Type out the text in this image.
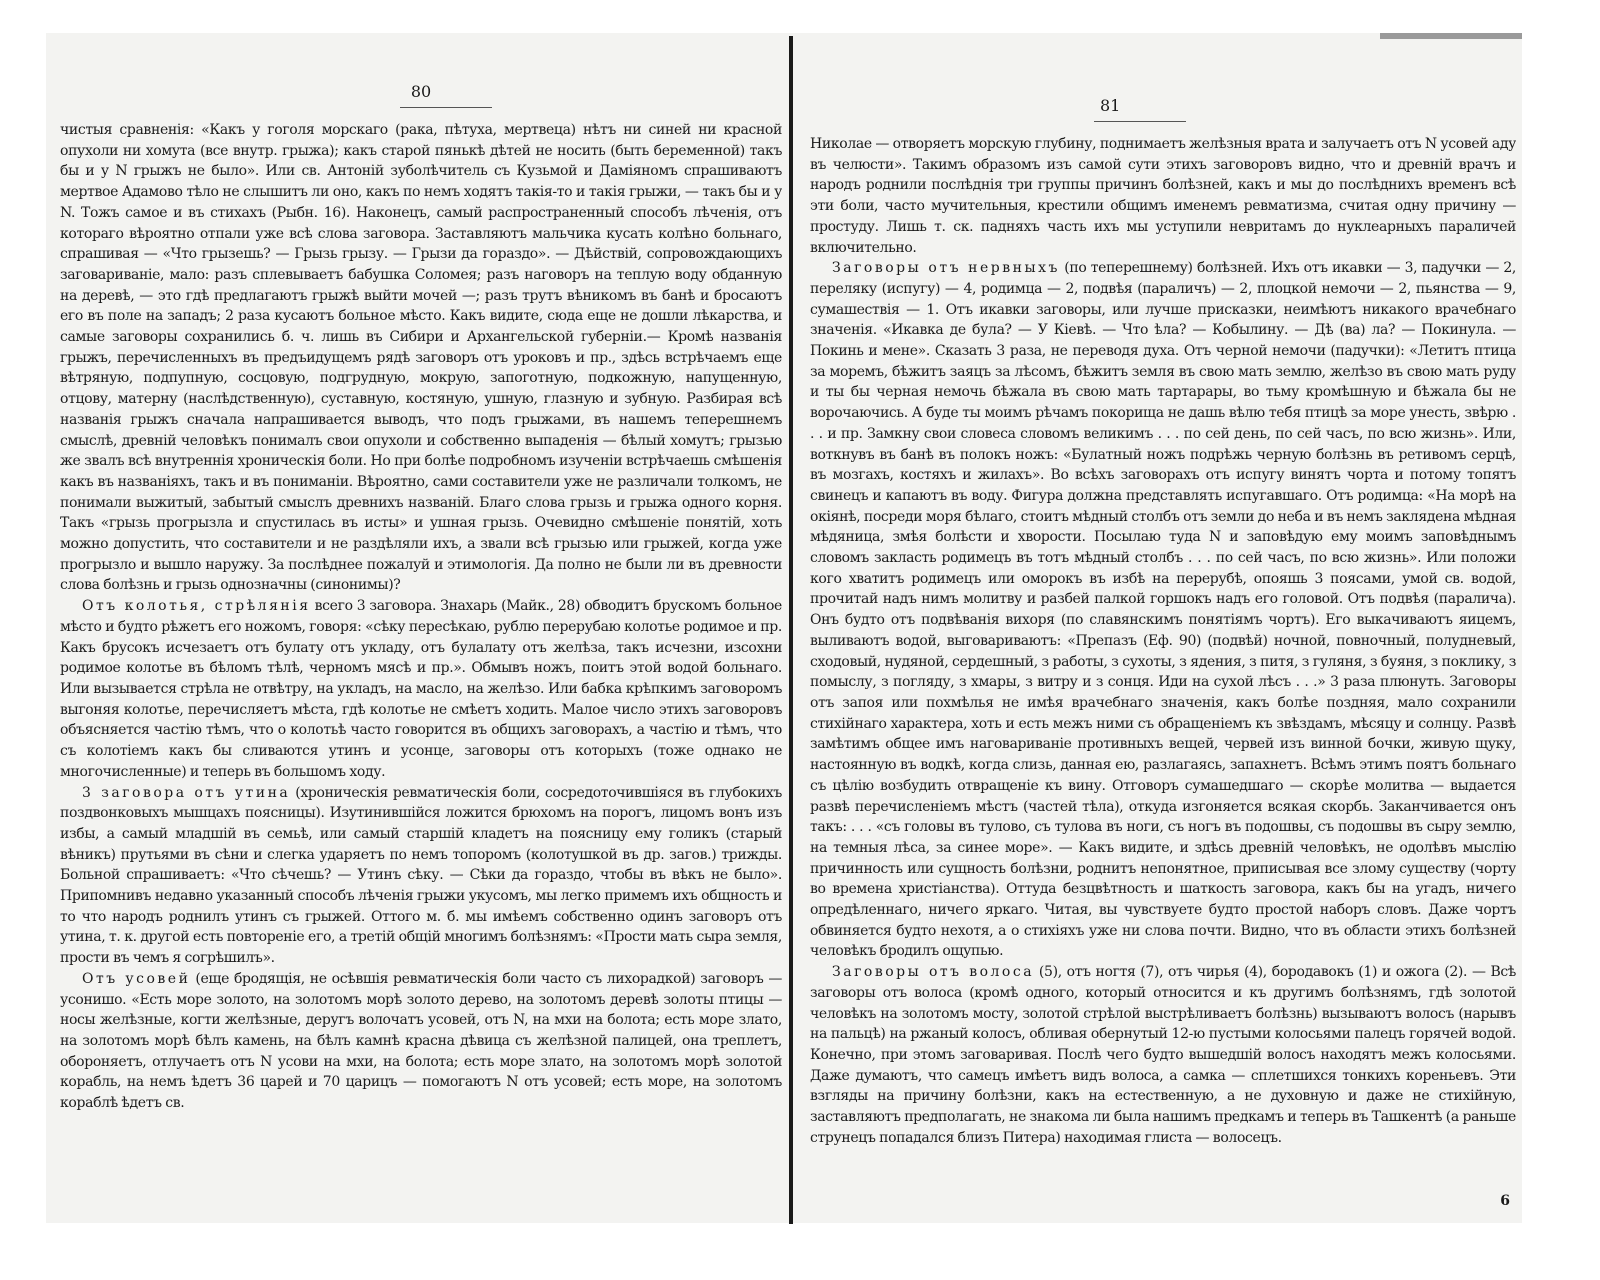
80

чистыя сравненія: «Какъ у гоголя морскаго (рака, пѣтуха, мертвеца) нѣтъ ни синей ни красной опухоли ни хомута (все внутр. грыжа); какъ старой пянькѣ дѣтей не носить (быть беременной) такъ бы и у N грыжъ не было». Или св. Антоній зуболѣчитель съ Кузьмой и Даміяномъ спрашиваютъ мертвое Адамово тѣло не слышитъ ли оно, какъ по немъ ходятъ такія-то и такія грыжи, — такъ бы и у N. Тожъ самое и въ стихахъ (Рыбн. 16). Наконецъ, самый распространенный способъ лѣченія, отъ котораго вѣроятно отпали уже всѣ слова заговора. Заставляютъ мальчика кусать колѣно больнаго, спрашивая — «Что грызешь? — Грызь грызу. — Грызи да гораздо». — Дѣйствій, сопровождающихъ заговариваніе, мало: разъ сплевываетъ бабушка Соломея; разъ наговоръ на теплую воду обданную на деревѣ, — это гдѣ предлагаютъ грыжѣ выйти мочей —; разъ трутъ вѣникомъ въ банѣ и бросаютъ его въ поле на западъ; 2 раза кусаютъ больное мѣсто. Какъ видите, сюда еще не дошли лѣкарства, и самые заговоры сохранились б. ч. лишь въ Сибири и Архангельской губерніи.— Кромѣ названія грыжъ, перечисленныхъ въ предъидущемъ рядѣ заговоръ отъ уроковъ и пр., здѣсь встрѣчаемъ еще вѣтряную, подпупную, сосцовую, подгрудную, мокрую, запоготную, подкожную, напущенную, отцову, матерну (наслѣдственную), суставную, костяную, ушную, глазную и зубную. Разбирая всѣ названія грыжъ сначала напрашивается выводъ, что подъ грыжами, въ нашемъ теперешнемъ смыслѣ, древній человѣкъ понималъ свои опухоли и собственно выпаденія — бѣлый хомутъ; грызью же звалъ всѣ внутреннія хроническія боли. Но при болѣе подробномъ изученіи встрѣчаешь смѣшенія какъ въ названіяхъ, такъ и въ пониманіи. Вѣроятно, сами составители уже не различали толкомъ, не понимали выжитый, забытый смыслъ древнихъ названій. Благо слова грызь и грыжа одного корня. Такъ «грызь прогрызла и спустилась въ исты» и ушная грызь. Очевидно смѣшеніе понятій, хоть можно допустить, что составители и не раздѣляли ихъ, а звали всѣ грызью или грыжей, когда уже прогрызло и вышло наружу. За послѣднее пожалуй и этимологія. Да полно не были ли въ древности слова болѣзнь и грызь однозначны (синонимы)?

Отъ колотья, стрѣлянія всего 3 заговора. Знахарь (Майк., 28) обводитъ брускомъ больное мѣсто и будто рѣжетъ его ножомъ, говоря: «сѣку пересѣкаю, рублю перерубаю колотье родимое и пр. Какъ брусокъ исчезаетъ отъ булату отъ укладу, отъ булалату отъ желѣза, такъ исчезни, изсохни родимое колотье въ бѣломъ тѣлѣ, черномъ мясѣ и пр.». Обмывъ ножъ, поитъ этой водой больнаго. Или вызывается стрѣла не отвѣтру, на укладъ, на масло, на желѣзо. Или бабка крѣпкимъ заговоромъ выгоняя колотье, перечисляетъ мѣста, гдѣ колотье не смѣетъ ходить. Малое число этихъ заговоровъ объясняется частію тѣмъ, что о колотьѣ часто говорится въ общихъ заговорахъ, а частію и тѣмъ, что съ колотіемъ какъ бы сливаются утинъ и усонце, заговоры отъ которыхъ (тоже однако не многочисленные) и теперь въ большомъ ходу.

3 заговора отъ утина (хроническія ревматическія боли, сосредоточившіяся въ глубокихъ поздвонковыхъ мышцахъ поясницы). Изутинившійся ложится брюхомъ на порогъ, лицомъ вонъ изъ избы, а самый младшій въ семьѣ, или самый старшій кладетъ на поясницу ему голикъ (старый вѣникъ) прутьями въ сѣни и слегка ударяетъ по немъ топоромъ (колотушкой въ др. загов.) трижды. Больной спрашиваетъ: «Что сѣчешь? — Утинъ сѣку. — Сѣки да гораздо, чтобы въ вѣкъ не было». Припомнивъ недавно указанный способъ лѣченія грыжи укусомъ, мы легко примемъ ихъ общность и то что народъ роднилъ утинъ съ грыжей. Оттого м. б. мы имѣемъ собственно одинъ заговоръ отъ утина, т. к. другой есть повтореніе его, а третій общій многимъ болѣзнямъ: «Прости мать сыра земля, прости въ чемъ я согрѣшилъ».

Отъ усовей (еще бродящія, не осѣвшія ревматическія боли часто съ лихорадкой) заговоръ — усонишо. «Есть море золото, на золотомъ морѣ золото дерево, на золотомъ деревѣ золоты птицы — носы желѣзные, когти желѣзные, деругъ волочатъ усовей, отъ N, на мхи на болота; есть море злато, на золотомъ морѣ бѣлъ камень, на бѣлъ камнѣ красна дѣвица съ желѣзной палицей, она треплетъ, обороняетъ, отлучаетъ отъ N усови на мхи, на болота; есть море злато, на золотомъ морѣ золотой корабль, на немъ ѣдетъ 36 царей и 70 царицъ — помогаютъ N отъ усовей; есть море, на золотомъ кораблѣ ѣдетъ св.

81

Николае — отворяетъ морскую глубину, поднимаетъ желѣзныя врата и залучаетъ отъ N усовей аду въ челюсти». Такимъ образомъ изъ самой сути этихъ заговоровъ видно, что и древній врачъ и народъ роднили послѣднія три группы причинъ болѣзней, какъ и мы до послѣднихъ временъ всѣ эти боли, часто мучительныя, крестили общимъ именемъ ревматизма, считая одну причину — простуду. Лишь т. ск. падняхъ часть ихъ мы уступили невритамъ до нуклеарныхъ параличей включительно.

Заговоры отъ нервныхъ (по теперешнему) болѣзней. Ихъ отъ икавки — 3, падучки — 2, переляку (испугу) — 4, родимца — 2, подвѣя (параличъ) — 2, плоцкой немочи — 2, пьянства — 9, сумашествія — 1. Отъ икавки заговоры, или лучше присказки, неимѣютъ никакого врачебнаго значенія. «Икавка де була? — У Кіевѣ. — Что ѣла? — Кобылину. — Дѣ (ва) ла? — Покинула. — Покинь и мене». Сказать 3 раза, не переводя духа. Отъ черной немочи (падучки): «Летитъ птица за моремъ, бѣжитъ заяцъ за лѣсомъ, бѣжитъ земля въ свою мать землю, желѣзо въ свою мать руду и ты бы черная немочь бѣжала въ свою мать тартарары, во тьму кромѣшную и бѣжала бы не ворочаючись. А буде ты моимъ рѣчамъ покорища не дашь вѣлю тебя птицѣ за море унесть, звѣрю . . . и пр. Замкну свои словеса словомъ великимъ . . . по сей день, по сей часъ, по всю жизнь». Или, воткнувъ въ банѣ въ полокъ ножъ: «Булатный ножъ подрѣжь черную болѣзнь въ ретивомъ серцѣ, въ мозгахъ, костяхъ и жилахъ». Во всѣхъ заговорахъ отъ испугу винятъ чорта и потому топятъ свинецъ и капаютъ въ воду. Фигура должна представлять испугавшаго. Отъ родимца: «На морѣ на окіянѣ, посреди моря бѣлаго, стоитъ мѣдный столбъ отъ земли до неба и въ немъ заклядена мѣдная мѣдяница, змѣя болѣсти и хворости. Посылаю туда N и заповѣдую ему моимъ заповѣднымъ словомъ закласть родимецъ въ тотъ мѣдный столбъ . . . по сей часъ, по всю жизнь». Или положи кого хватитъ родимецъ или оморокъ въ избѣ на перерубѣ, опояшь 3 поясами, умой св. водой, прочитай надъ нимъ молитву и разбей палкой горшокъ надъ его головой. Отъ подвѣя (паралича). Онъ будто отъ подвѣванія вихоря (по славянскимъ понятіямъ чортъ). Его выкачиваютъ яицемъ, выливаютъ водой, выговариваютъ: «Препазъ (Еф. 90) (подвѣй) ночной, повночный, полудневый, сходовый, нудяной, сердешный, з работы, з сухоты, з ядения, з питя, з гуляня, з буяня, з поклику, з помыслу, з погляду, з хмары, з витру и з сонця. Иди на сухой лѣсъ . . .» 3 раза плюнуть. Заговоры отъ запоя или похмѣлья не имѣя врачебнаго значенія, какъ болѣе поздняя, мало сохранили стихійнаго характера, хоть и есть межъ ними съ обращеніемъ къ звѣздамъ, мѣсяцу и солнцу. Развѣ замѣтимъ общее имъ наговариваніе противныхъ вещей, червей изъ винной бочки, живую щуку, настоянную въ водкѣ, когда слизь, данная ею, разлагаясь, запахнетъ. Всѣмъ этимъ поятъ больнаго съ цѣлію возбудить отвращеніе къ вину. Отговоръ сумашедшаго — скорѣе молитва — выдается развѣ перечисленіемъ мѣстъ (частей тѣла), откуда изгоняется всякая скорбь. Заканчивается онъ такъ: . . . «съ головы въ тулово, съ тулова въ ноги, съ ногъ въ подошвы, съ подошвы въ сыру землю, на темныя лѣса, за синее море». — Какъ видите, и здѣсь древній человѣкъ, не одолѣвъ мыслію причинность или сущность болѣзни, роднитъ непонятное, приписывая все злому существу (чорту во времена христіанства). Оттуда безцвѣтность и шаткость заговора, какъ бы на угадъ, ничего опредѣленнаго, ничего яркаго. Читая, вы чувствуете будто простой наборъ словъ. Даже чортъ обвиняется будто нехотя, а о стихіяхъ уже ни слова почти. Видно, что въ области этихъ болѣзней человѣкъ бродилъ ощупью.

Заговоры отъ волоса (5), отъ ногтя (7), отъ чирья (4), бородавокъ (1) и ожога (2). — Всѣ заговоры отъ волоса (кромѣ одного, который относится и къ другимъ болѣзнямъ, гдѣ золотой человѣкъ на золотомъ мосту, золотой стрѣлой выстрѣливаетъ болѣзнь) вызываютъ волосъ (нарывъ на пальцѣ) на ржаный колосъ, обливая обернутый 12-ю пустыми колосьями палецъ горячей водой. Конечно, при этомъ заговаривая. Послѣ чего будто вышедшій волосъ находятъ межъ колосьями. Даже думаютъ, что самецъ имѣетъ видъ волоса, а самка — сплетшихся тонкихъ кореньевъ. Эти взгляды на причину болѣзни, какъ на естественную, а не духовную и даже не стихійную, заставляютъ предполагать, не знакома ли была нашимъ предкамъ и теперь въ Ташкентѣ (а раньше струнецъ попадался близъ Питера) находимая глиста — волосецъ.

6
